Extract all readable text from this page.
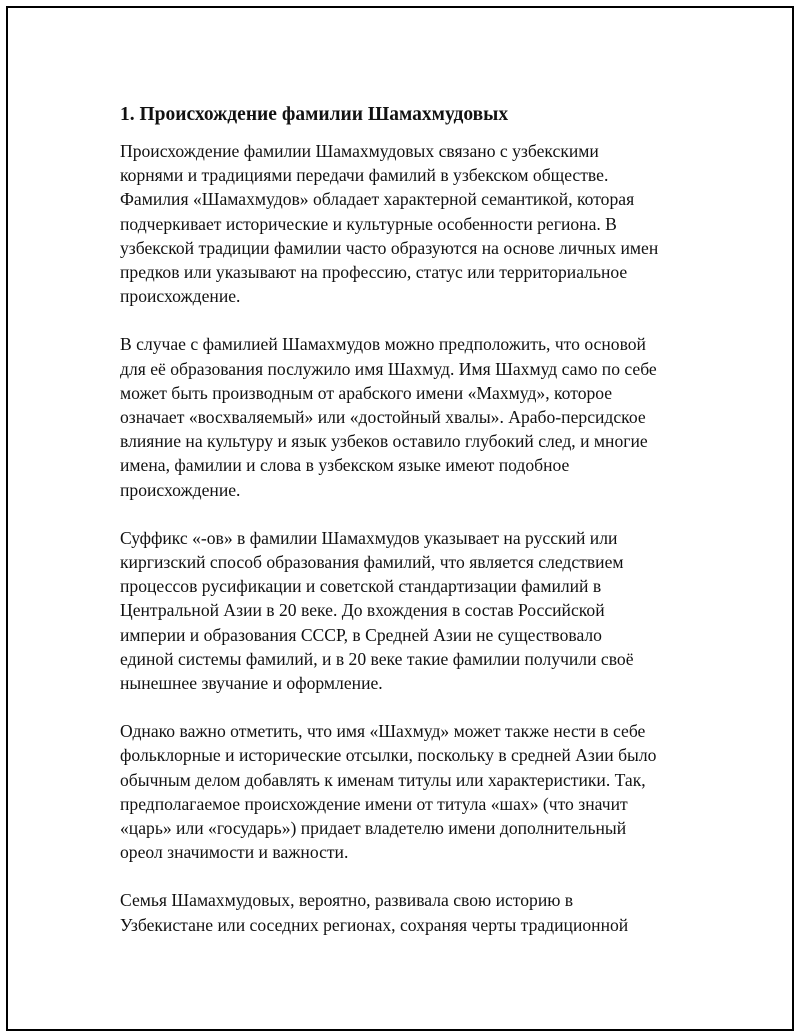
1. Происхождение фамилии Шамахмудовых
Происхождение фамилии Шамахмудовых связано с узбекскими
корнями и традициями передачи фамилий в узбекском обществе.
Фамилия «Шамахмудов» обладает характерной семантикой, которая
подчеркивает исторические и культурные особенности региона. В
узбекской традиции фамилии часто образуются на основе личных имен
предков или указывают на профессию, статус или территориальное
происхождение.
В случае с фамилией Шамахмудов можно предположить, что основой
для её образования послужило имя Шахмуд. Имя Шахмуд само по себе
может быть производным от арабского имени «Махмуд», которое
означает «восхваляемый» или «достойный хвалы». Арабо-персидское
влияние на культуру и язык узбеков оставило глубокий след, и многие
имена, фамилии и слова в узбекском языке имеют подобное
происхождение.
Суффикс «-ов» в фамилии Шамахмудов указывает на русский или
киргизский способ образования фамилий, что является следствием
процессов русификации и советской стандартизации фамилий в
Центральной Азии в 20 веке. До вхождения в состав Российской
империи и образования СССР, в Средней Азии не существовало
единой системы фамилий, и в 20 веке такие фамилии получили своё
нынешнее звучание и оформление.
Однако важно отметить, что имя «Шахмуд» может также нести в себе
фольклорные и исторические отсылки, поскольку в средней Азии было
обычным делом добавлять к именам титулы или характеристики. Так,
предполагаемое происхождение имени от титула «шах» (что значит
«царь» или «государь») придает владетелю имени дополнительный
ореол значимости и важности.
Семья Шамахмудовых, вероятно, развивала свою историю в
Узбекистане или соседних регионах, сохраняя черты традиционной
